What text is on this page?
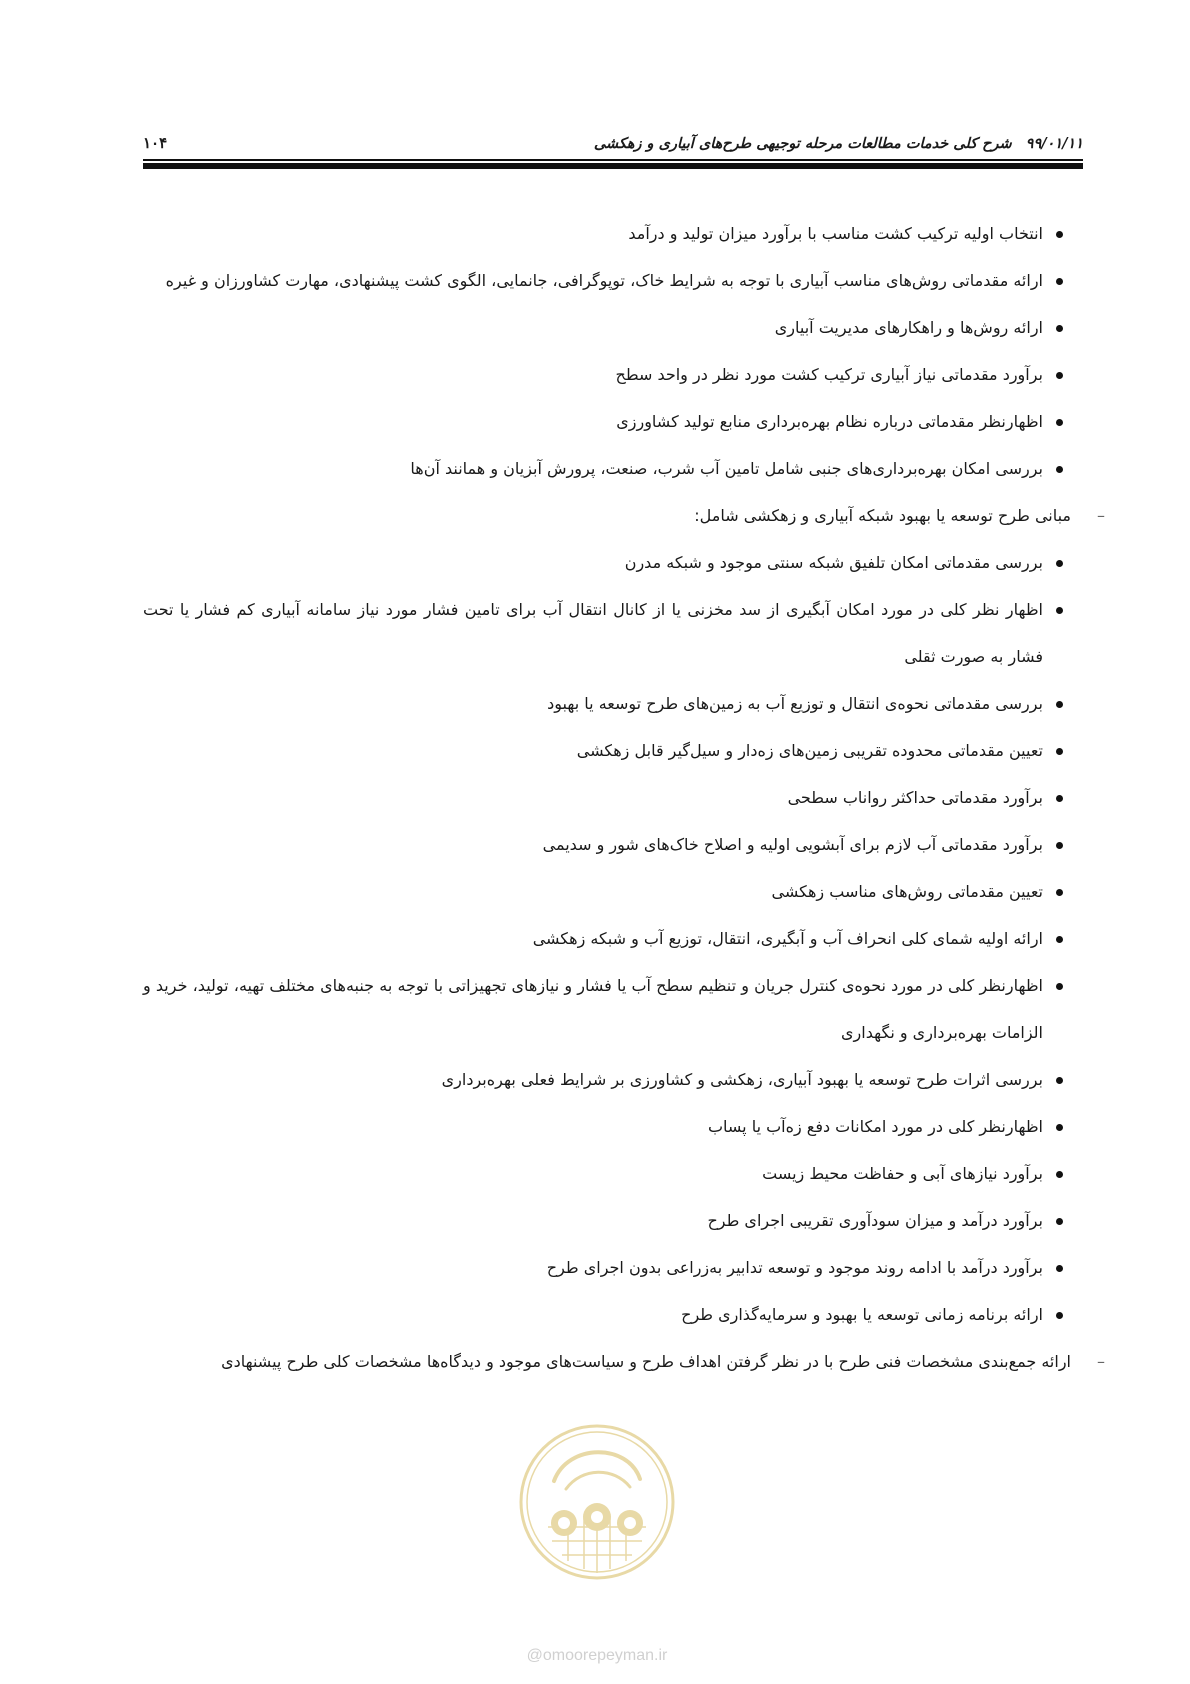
۹۹/۰۱/۱۱شرح کلی خدمات مطالعات مرحله توجیهی طرح‌های آبیاری و زهکشی
۱۰۴
انتخاب اولیه ترکیب کشت مناسب با برآورد میزان تولید و درآمد
ارائه مقدماتی روش‌های مناسب آبیاری با توجه به شرایط خاک، توپوگرافی، جانمایی، الگوی کشت پیشنهادی، مهارت کشاورزان و غیره
ارائه روش‌ها و راهکارهای مدیریت آبیاری
برآورد مقدماتی نیاز آبیاری ترکیب کشت مورد نظر در واحد سطح
اظهارنظر مقدماتی درباره نظام بهره‌برداری منابع تولید کشاورزی
بررسی امکان بهره‌برداری‌های جنبی شامل تامین آب شرب، صنعت، پرورش آبزیان و همانند آن‌ها
–
مبانی طرح توسعه یا بهبود شبکه آبیاری و زهکشی شامل:
بررسی مقدماتی امکان تلفیق شبکه سنتی موجود و شبکه مدرن
اظهار نظر کلی در مورد امکان آبگیری از سد مخزنی یا از کانال انتقال آب برای تامین فشار مورد نیاز سامانه آبیاری کم فشار یا تحت فشار به صورت ثقلی
بررسی مقدماتی نحوه‌ی انتقال و توزیع آب به زمین‌های طرح توسعه یا بهبود
تعیین مقدماتی محدوده تقریبی زمین‌های زه‌دار و سیل‌گیر قابل زهکشی
برآورد مقدماتی حداکثر رواناب سطحی
برآورد مقدماتی آب لازم برای آبشویی اولیه و اصلاح خاک‌های شور و سدیمی
تعیین مقدماتی روش‌های مناسب زهکشی
ارائه اولیه شمای کلی انحراف آب و آبگیری، انتقال، توزیع آب و شبکه زهکشی
اظهارنظر کلی در مورد نحوه‌ی کنترل جریان و تنظیم سطح آب یا فشار و نیازهای تجهیزاتی با توجه به جنبه‌های مختلف تهیه، تولید، خرید و الزامات بهره‌برداری و نگهداری
بررسی اثرات طرح توسعه یا بهبود آبیاری، زهکشی و کشاورزی بر شرایط فعلی بهره‌برداری
اظهارنظر کلی در مورد امکانات دفع زه‌آب یا پساب
برآورد نیازهای آبی و حفاظت محیط زیست
برآورد درآمد و میزان سودآوری تقریبی اجرای طرح
برآورد درآمد با ادامه روند موجود و توسعه تدابیر به‌زراعی بدون اجرای طرح
ارائه برنامه زمانی توسعه یا بهبود و سرمایه‌گذاری طرح
–
ارائه جمع‌بندی مشخصات فنی طرح با در نظر گرفتن اهداف طرح و سیاست‌های موجود و دیدگاه‌ها مشخصات کلی طرح پیشنهادی
@omoorepeyman.ir
